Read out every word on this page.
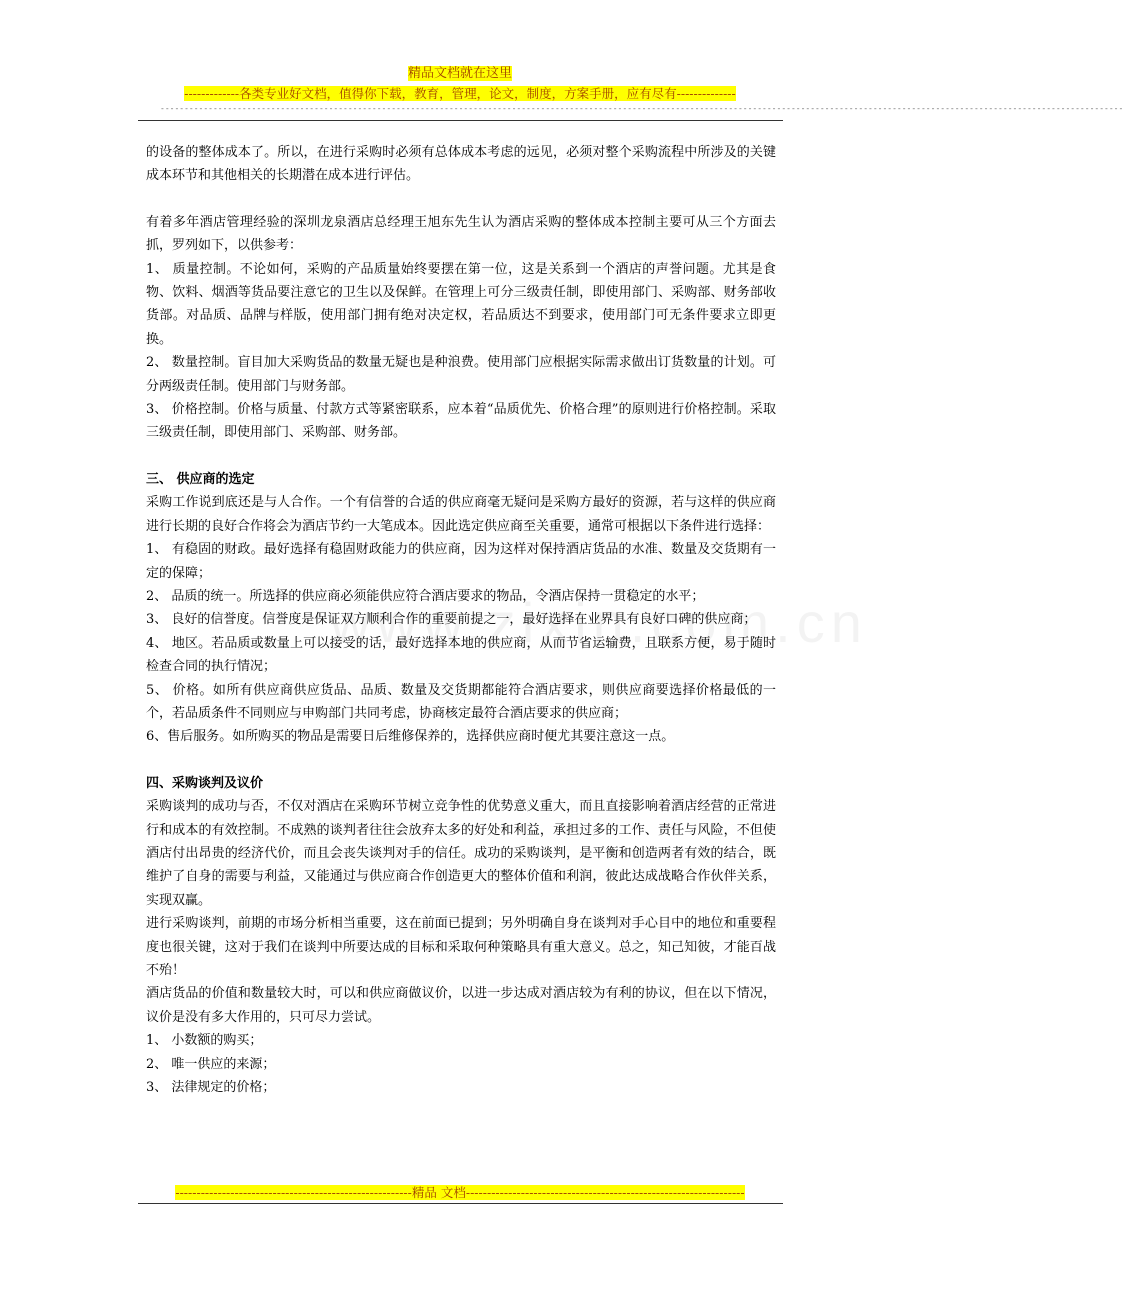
精品文档就在这里
-------------各类专业好文档，值得你下载，教育，管理，论文，制度，方案手册，应有尽有--------------
--------------------------------------------------------------------------------------------------------------------------------------------------------------------------------------------------------

的设备的整体成本了。所以，在进行采购时必须有总体成本考虑的远见，必须对整个采购流程中所涉及的关键成本环节和其他相关的长期潜在成本进行评估。

有着多年酒店管理经验的深圳龙泉酒店总经理王旭东先生认为酒店采购的整体成本控制主要可从三个方面去抓，罗列如下，以供参考：

1、 质量控制。不论如何，采购的产品质量始终要摆在第一位，这是关系到一个酒店的声誉问题。尤其是食物、饮料、烟酒等货品要注意它的卫生以及保鲜。在管理上可分三级责任制，即使用部门、采购部、财务部收货部。对品质、品牌与样版，使用部门拥有绝对决定权，若品质达不到要求，使用部门可无条件要求立即更换。

2、 数量控制。盲目加大采购货品的数量无疑也是种浪费。使用部门应根据实际需求做出订货数量的计划。可分两级责任制。使用部门与财务部。

3、 价格控制。价格与质量、付款方式等紧密联系，应本着“品质优先、价格合理”的原则进行价格控制。采取三级责任制，即使用部门、采购部、财务部。

三、 供应商的选定

采购工作说到底还是与人合作。一个有信誉的合适的供应商毫无疑问是采购方最好的资源，若与这样的供应商进行长期的良好合作将会为酒店节约一大笔成本。因此选定供应商至关重要，通常可根据以下条件进行选择：

1、 有稳固的财政。最好选择有稳固财政能力的供应商，因为这样对保持酒店货品的水准、数量及交货期有一定的保障；

2、 品质的统一。所选择的供应商必须能供应符合酒店要求的物品，令酒店保持一贯稳定的水平；

3、 良好的信誉度。信誉度是保证双方顺利合作的重要前提之一，最好选择在业界具有良好口碑的供应商；

4、 地区。若品质或数量上可以接受的话，最好选择本地的供应商，从而节省运输费，且联系方便，易于随时检查合同的执行情况；

5、 价格。如所有供应商供应货品、品质、数量及交货期都能符合酒店要求，则供应商要选择价格最低的一个，若品质条件不同则应与申购部门共同考虑，协商核定最符合酒店要求的供应商；

6、售后服务。如所购买的物品是需要日后维修保养的，选择供应商时便尤其要注意这一点。

四、采购谈判及议价

采购谈判的成功与否，不仅对酒店在采购环节树立竞争性的优势意义重大，而且直接影响着酒店经营的正常进行和成本的有效控制。不成熟的谈判者往往会放弃太多的好处和利益，承担过多的工作、责任与风险，不但使酒店付出昂贵的经济代价，而且会丧失谈判对手的信任。成功的采购谈判，是平衡和创造两者有效的结合，既维护了自身的需要与利益，又能通过与供应商合作创造更大的整体价值和利润，彼此达成战略合作伙伴关系，实现双赢。

进行采购谈判，前期的市场分析相当重要，这在前面已提到；另外明确自身在谈判对手心目中的地位和重要程度也很关键，这对于我们在谈判中所要达成的目标和采取何种策略具有重大意义。总之，知己知彼，才能百战不殆！

酒店货品的价值和数量较大时，可以和供应商做议价，以进一步达成对酒店较为有利的协议，但在以下情况，议价是没有多大作用的，只可尽力尝试。

1、 小数额的购买；

2、 唯一供应的来源；

3、 法律规定的价格；

--------------------------------------------------------精品 文档------------------------------------------------------------------
